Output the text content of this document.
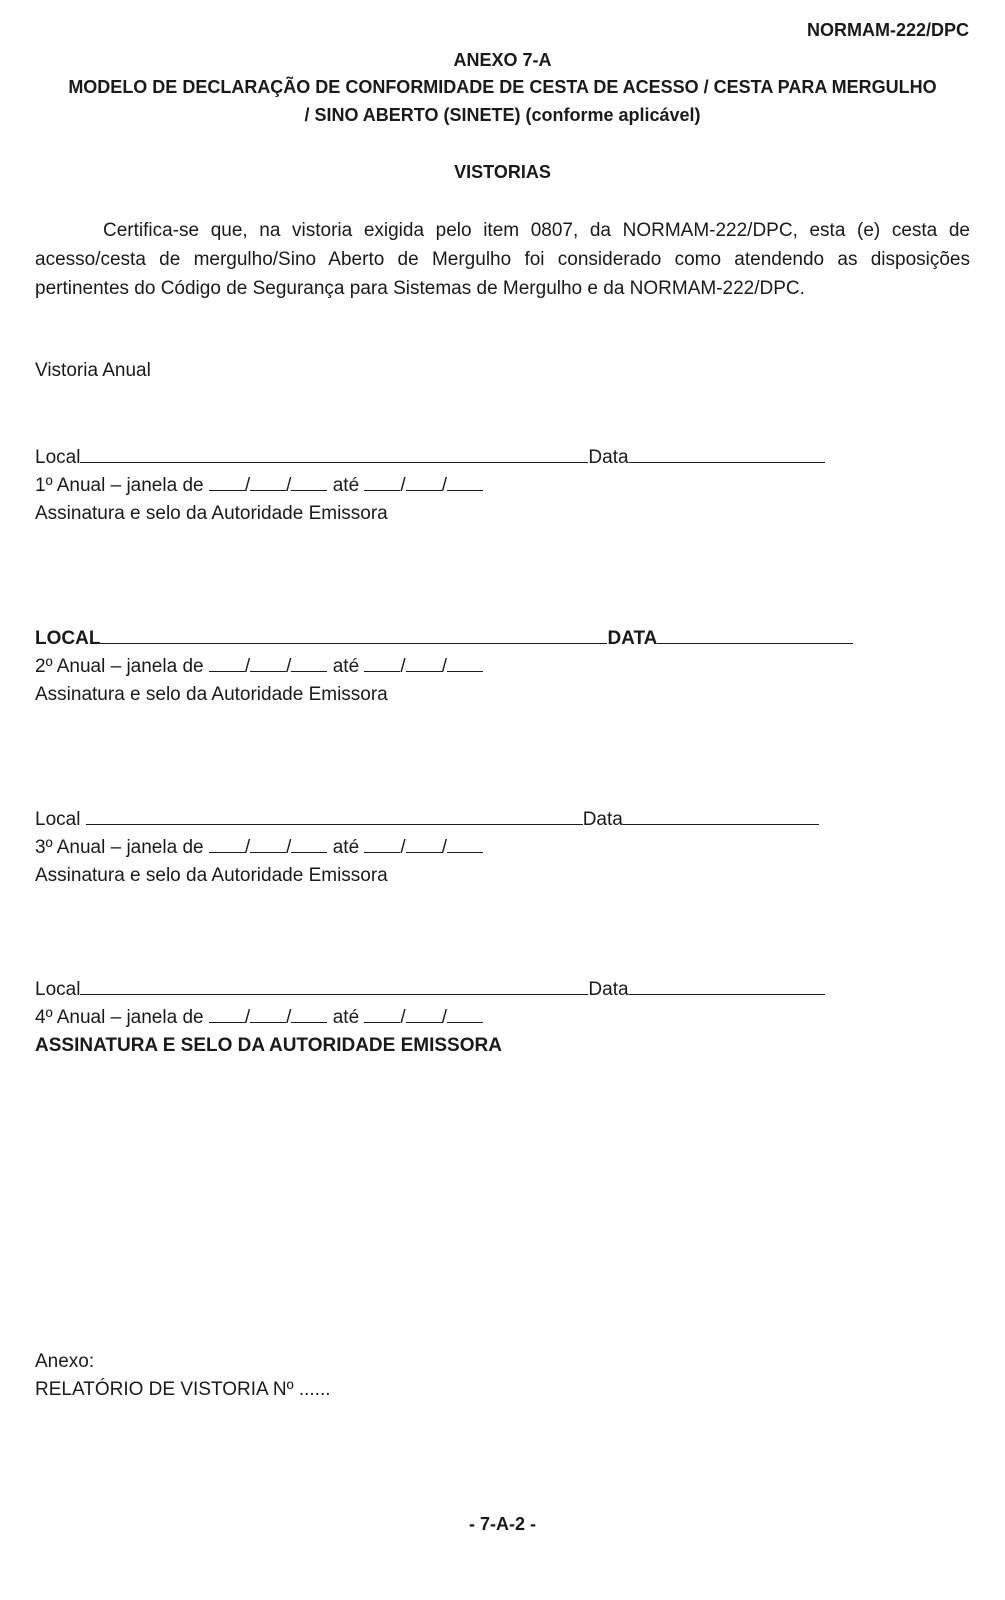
NORMAM-222/DPC
ANEXO 7-A
MODELO DE DECLARAÇÃO DE CONFORMIDADE DE CESTA DE ACESSO / CESTA PARA MERGULHO
/ SINO ABERTO (SINETE) (conforme aplicável)
VISTORIAS

Certifica-se que, na vistoria exigida pelo item 0807, da NORMAM-222/DPC, esta (e) cesta de acesso/cesta de mergulho/Sino Aberto de Mergulho foi considerado como atendendo as disposições pertinentes do Código de Segurança para Sistemas de Mergulho e da NORMAM-222/DPC.

Vistoria Anual
Local	Data
1º Anual – janela de / / até / /
Assinatura e selo da Autoridade Emissora
LOCAL	DATA
2º Anual – janela de / / até / /
Assinatura e selo da Autoridade Emissora
Local	Data
3º Anual – janela de / / até / /
Assinatura e selo da Autoridade Emissora
Local	Data
4º Anual – janela de / / até / /
ASSINATURA E SELO DA AUTORIDADE EMISSORA
Anexo:
RELATÓRIO DE VISTORIA Nº ......
- 7-A-2 -
